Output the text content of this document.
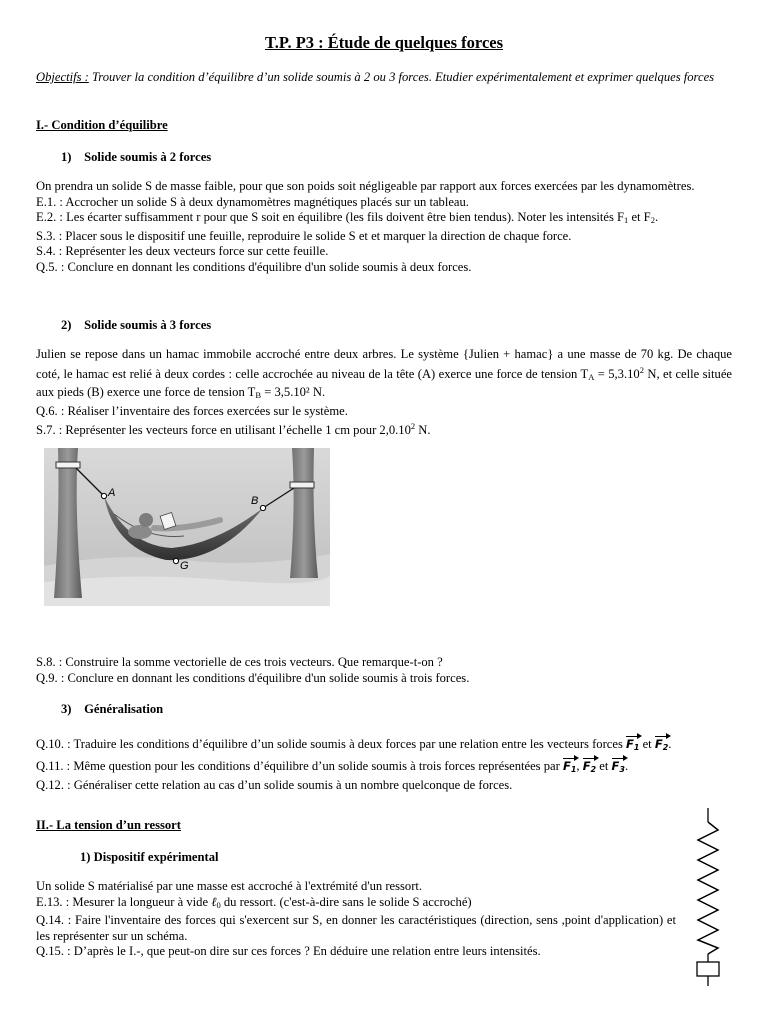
T.P. P3 : Étude de quelques forces

Objectifs : Trouver la condition d’équilibre d’un solide soumis à 2 ou 3 forces. Etudier expérimentalement et exprimer quelques forces

I.- Condition d’équilibre
1)    Solide soumis à 2 forces

On prendra un solide S de masse faible, pour que son poids soit négligeable par rapport aux forces exercées par les dynamomètres.

E.1. : Accrocher un solide S à deux dynamomètres magnétiques placés sur un tableau.

E.2. : Les écarter suffisamment r pour que S soit en équilibre (les fils doivent être bien tendus). Noter les intensités $F_1$ et $F_2$.

S.3. : Placer sous le dispositif une feuille, reproduire le solide S et et marquer la direction de chaque force.

S.4. : Représenter les deux vecteurs force sur cette feuille.

Q.5. : Conclure en donnant les conditions d'équilibre d'un solide soumis à deux forces.

2)    Solide soumis à 3 forces

Julien se repose dans un hamac immobile accroché entre deux arbres. Le système {Julien + hamac} a une masse de 70 kg. De chaque coté, le hamac est relié à deux cordes : celle accrochée au niveau de la tête (A) exerce une force de tension $T_A = 5,3.10^2$ N, et celle située aux pieds (B) exerce une force de tension $T_B = 3,5.10^2$ N.

Q.6. : Réaliser l’inventaire des forces exercées sur le système.

S.7. : Représenter les vecteurs force en utilisant l’échelle 1 cm pour 2,0.10$^2$ N.

A
B
G

S.8. : Construire la somme vectorielle de ces trois vecteurs. Que remarque-t-on ?

Q.9. : Conclure en donnant les conditions d'équilibre d'un solide soumis à trois forces.

3)    Généralisation

Q.10. : Traduire les conditions d’équilibre d’un solide soumis à deux forces par une relation entre les vecteurs forces F1 et F2.

Q.11. : Même question pour les conditions d’équilibre d’un solide soumis à trois forces représentées par F1, F2 et F3.

Q.12. : Généraliser cette relation au cas d’un solide soumis à un nombre quelconque de forces.

II.- La tension d’un ressort
1) Dispositif expérimental

Un solide S matérialisé par une masse est accroché à l'extrémité d'un ressort.

E.13. : Mesurer la longueur à vide ℓ$_0$ du ressort. (c'est-à-dire sans le solide S accroché)

Q.14. : Faire l'inventaire des forces qui s'exercent sur S, en donner les caractéristiques (direction, sens ,point d'application) et les représenter sur un schéma.

Q.15. : D’après le I.-, que peut-on dire sur ces forces ? En déduire une relation entre leurs intensités.
